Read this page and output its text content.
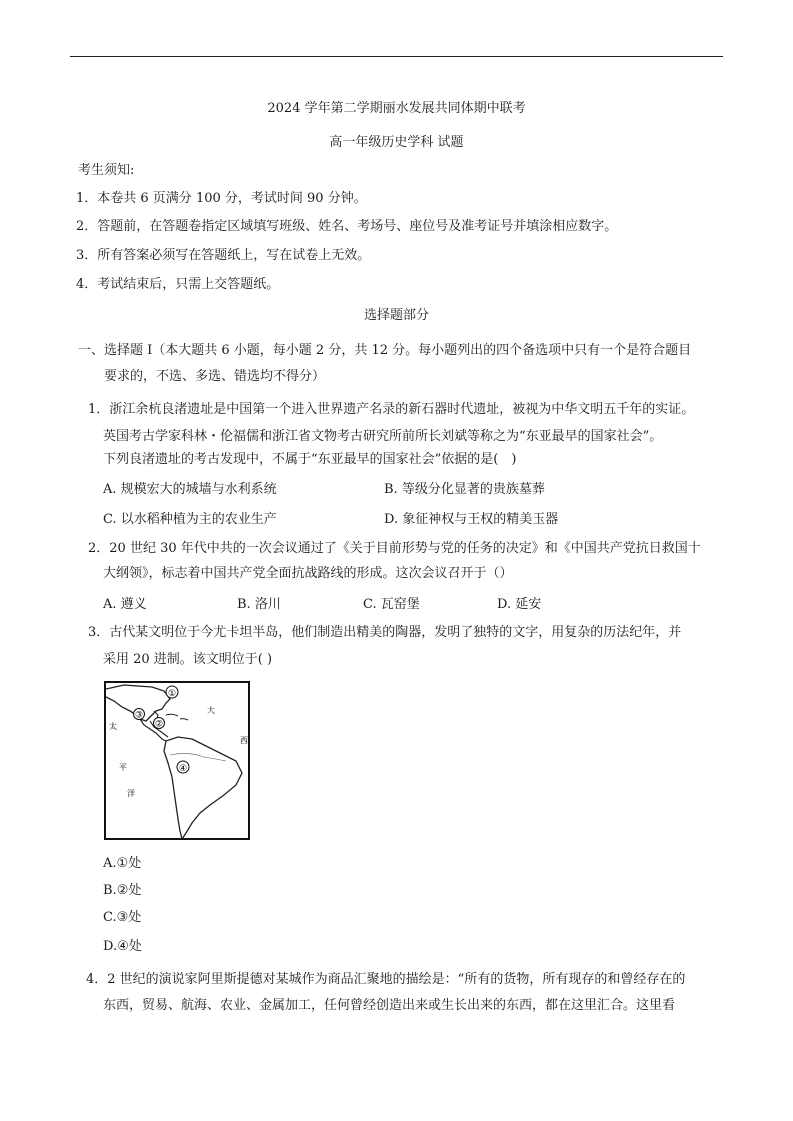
2024 学年第二学期丽水发展共同体期中联考
高一年级历史学科 试题
考生须知:
1．本卷共 6 页满分 100 分，考试时间 90 分钟。
2．答题前，在答题卷指定区域填写班级、姓名、考场号、座位号及准考证号并填涂相应数字。
3．所有答案必须写在答题纸上，写在试卷上无效。
4．考试结束后，只需上交答题纸。
选择题部分
一、选择题 I（本大题共 6 小题，每小题 2 分，共 12 分。每小题列出的四个备选项中只有一个是符合题目
要求的，不选、多选、错选均不得分）
1．浙江余杭良渚遗址是中国第一个进入世界遗产名录的新石器时代遗址，被视为中华文明五千年的实证。
英国考古学家科林・伦福儒和浙江省文物考古研究所前所长刘斌等称之为“东亚最早的国家社会”。
下列良渚遗址的考古发现中，不属于“东亚最早的国家社会”依据的是(　)
A. 规模宏大的城墙与水利系统	B. 等级分化显著的贵族墓葬
C. 以水稻种植为主的农业生产	D. 象征神权与王权的精美玉器
2．20 世纪 30 年代中共的一次会议通过了《关于目前形势与党的任务的决定》和《中国共产党抗日救国十
大纲领》，标志着中国共产党全面抗战路线的形成。这次会议召开于（）
A. 遵义	B. 洛川	C. 瓦窑堡	D. 延安
3．古代某文明位于今尤卡坦半岛，他们制造出精美的陶器，发明了独特的文字，用复杂的历法纪年，并
采用 20 进制。该文明位于( )
①
②
③
④
大
西
太
平
洋
A.①处
B.②处
C.③处
D.④处
4．2 世纪的演说家阿里斯提德对某城作为商品汇聚地的描绘是：“所有的货物，所有现存的和曾经存在的
东西，贸易、航海、农业、金属加工，任何曾经创造出来或生长出来的东西，都在这里汇合。这里看
